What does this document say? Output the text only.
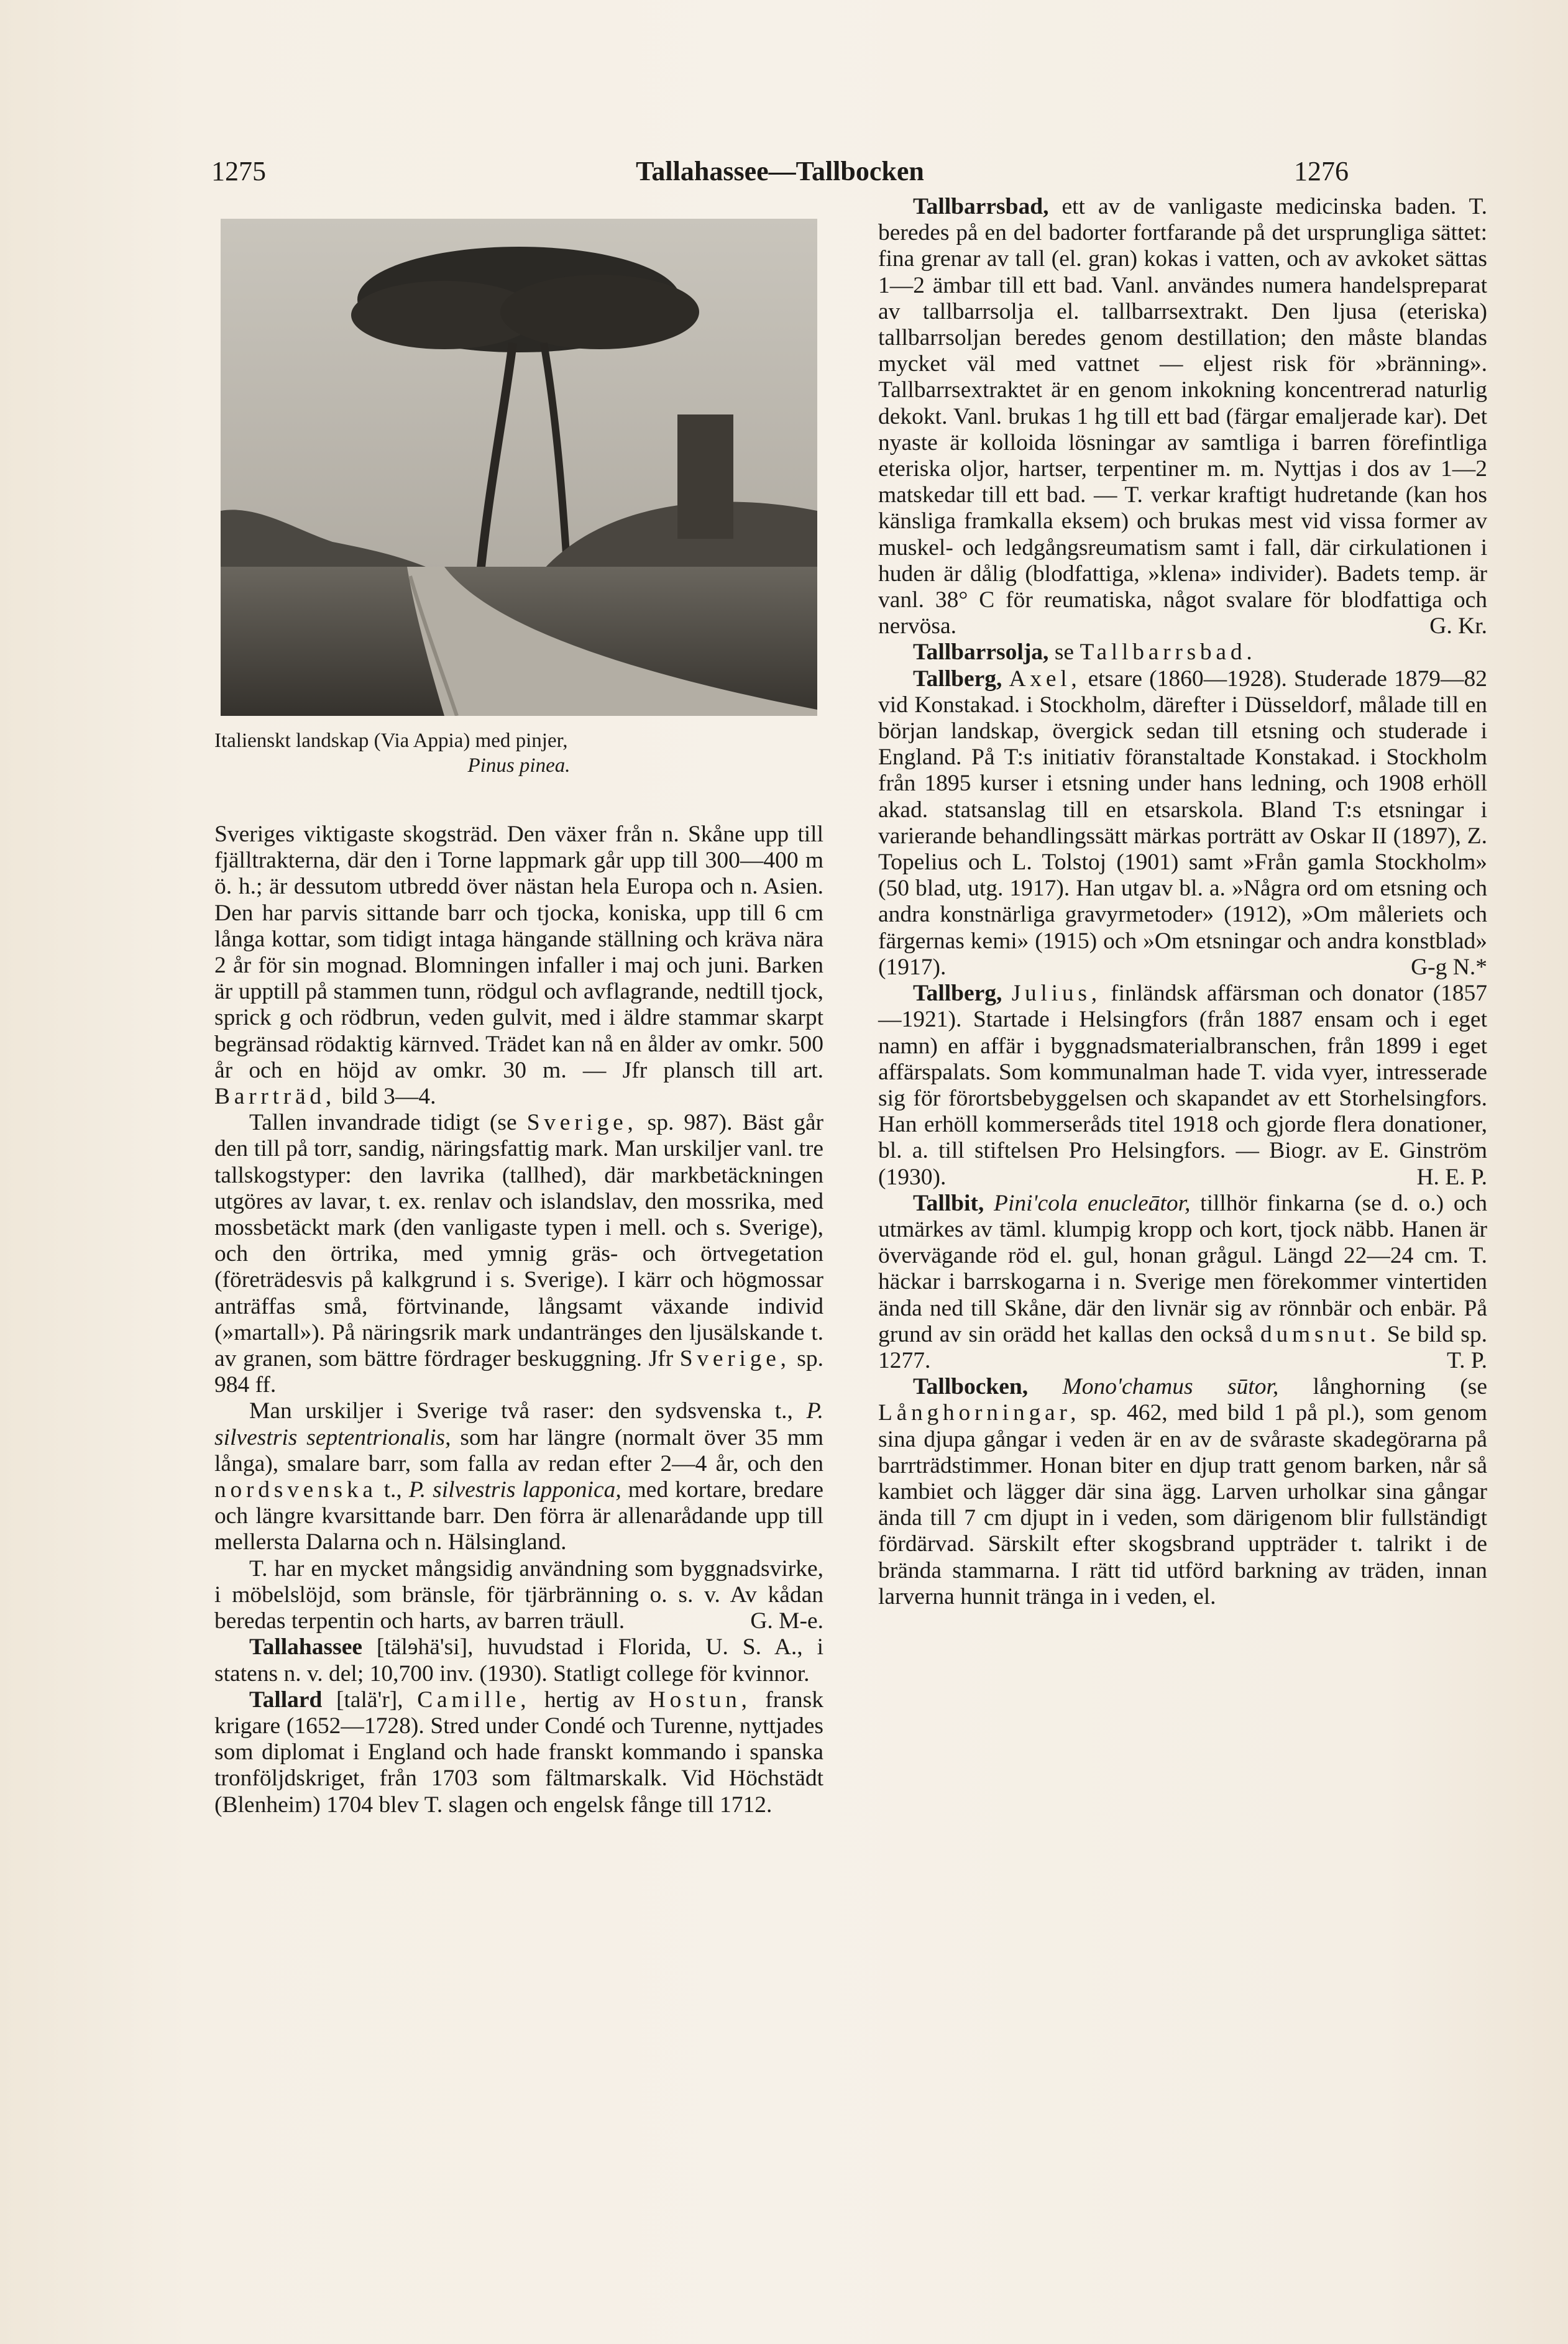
1275	Tallahassee—Tallbocken	1276
Italienskt landskap (Via Appia) med pinjer,
Pinus pinea.

Sveriges viktigaste skogsträd. Den växer från n. Skåne upp till fjälltrakterna, där den i Torne lappmark går upp till 300—400 m ö. h.; är dessutom utbredd över nästan hela Europa och n. Asien. Den har parvis sittande barr och tjocka, koniska, upp till 6 cm långa kottar, som tidigt intaga hängande ställning och kräva nära 2 år för sin mognad. Blomningen infaller i maj och juni. Barken är upptill på stammen tunn, rödgul och avflagrande, nedtill tjock, sprick g och rödbrun, veden gulvit, med i äldre stammar skarpt begränsad rödaktig kärnved. Trädet kan nå en ålder av omkr. 500 år och en höjd av omkr. 30 m. — Jfr plansch till art. Barrträd, bild 3—4.

Tallen invandrade tidigt (se Sverige, sp. 987). Bäst går den till på torr, sandig, näringsfattig mark. Man urskiljer vanl. tre tallskogstyper: den lavrika (tallhed), där markbetäckningen utgöres av lavar, t. ex. renlav och islandslav, den mossrika, med mossbetäckt mark (den vanligaste typen i mell. och s. Sverige), och den örtrika, med ymnig gräs- och örtvegetation (företrädesvis på kalkgrund i s. Sverige). I kärr och högmossar anträffas små, förtvinande, långsamt växande individ (»martall»). På näringsrik mark undantränges den ljusälskande t. av granen, som bättre fördrager beskuggning. Jfr Sverige, sp. 984 ff.

Man urskiljer i Sverige två raser: den sydsvenska t., P. silvestris septentrionalis, som har längre (normalt över 35 mm långa), smalare barr, som falla av redan efter 2—4 år, och den nordsvenska t., P. silvestris lapponica, med kortare, bredare och längre kvarsittande barr. Den förra är allenarådande upp till mellersta Dalarna och n. Hälsingland.

T. har en mycket mångsidig användning som byggnadsvirke, i möbelslöjd, som bränsle, för tjärbränning o. s. v. Av kådan beredas terpentin och harts, av barren träull.	G. M-e.

Tallahassee [tälɘhä'si], huvudstad i Florida, U. S. A., i statens n. v. del; 10,700 inv. (1930). Statligt college för kvinnor.

Tallard [talä'r], Camille, hertig av Hostun, fransk krigare (1652—1728). Stred under Condé och Turenne, nyttjades som diplomat i England och hade franskt kommando i spanska tronföljdskriget, från 1703 som fältmarskalk. Vid Höchstädt (Blenheim) 1704 blev T. slagen och engelsk fånge till 1712.

Tallbarrsbad, ett av de vanligaste medicinska baden. T. beredes på en del badorter fortfarande på det ursprungliga sättet: fina grenar av tall (el. gran) kokas i vatten, och av avkoket sättas 1—2 ämbar till ett bad. Vanl. användes numera handelspreparat av tallbarrsolja el. tallbarrsextrakt. Den ljusa (eteriska) tallbarrsoljan beredes genom destillation; den måste blandas mycket väl med vattnet — eljest risk för »bränning». Tallbarrsextraktet är en genom inkokning koncentrerad naturlig dekokt. Vanl. brukas 1 hg till ett bad (färgar emaljerade kar). Det nyaste är kolloida lösningar av samtliga i barren förefintliga eteriska oljor, hartser, terpentiner m. m. Nyttjas i dos av 1—2 matskedar till ett bad. — T. verkar kraftigt hudretande (kan hos känsliga framkalla eksem) och brukas mest vid vissa former av muskel- och ledgångsreumatism samt i fall, där cirkulationen i huden är dålig (blodfattiga, »klena» individer). Badets temp. är vanl. 38° C för reumatiska, något svalare för blodfattiga och nervösa.	G. Kr.

Tallbarrsolja, se Tallbarrsbad.

Tallberg, Axel, etsare (1860—1928). Studerade 1879—82 vid Konstakad. i Stockholm, därefter i Düsseldorf, målade till en början landskap, övergick sedan till etsning och studerade i England. På T:s initiativ föranstaltade Konstakad. i Stockholm från 1895 kurser i etsning under hans ledning, och 1908 erhöll akad. statsanslag till en etsarskola. Bland T:s etsningar i varierande behandlingssätt märkas porträtt av Oskar II (1897), Z. Topelius och L. Tolstoj (1901) samt »Från gamla Stockholm» (50 blad, utg. 1917). Han utgav bl. a. »Några ord om etsning och andra konstnärliga gravyrmetoder» (1912), »Om måleriets och färgernas kemi» (1915) och »Om etsningar och andra konstblad» (1917).	G-g N.*

Tallberg, Julius, finländsk affärsman och donator (1857—1921). Startade i Helsingfors (från 1887 ensam och i eget namn) en affär i byggnadsmaterialbranschen, från 1899 i eget affärspalats. Som kommunalman hade T. vida vyer, intresserade sig för förortsbebyggelsen och skapandet av ett Storhelsingfors. Han erhöll kommerseråds titel 1918 och gjorde flera donationer, bl. a. till stiftelsen Pro Helsingfors. — Biogr. av E. Ginström (1930).	H. E. P.

Tallbit, Pini'cola enucleātor, tillhör finkarna (se d. o.) och utmärkes av täml. klumpig kropp och kort, tjock näbb. Hanen är övervägande röd el. gul, honan grågul. Längd 22—24 cm. T. häckar i barrskogarna i n. Sverige men förekommer vintertiden ända ned till Skåne, där den livnär sig av rönnbär och enbär. På grund av sin orädd het kallas den också dumsnut. Se bild sp. 1277.	T. P.

Tallbocken, Mono'chamus sūtor, långhorning (se Långhorningar, sp. 462, med bild 1 på pl.), som genom sina djupa gångar i veden är en av de svåraste skadegörarna på barrträdstimmer. Honan biter en djup tratt genom barken, når så kambiet och lägger där sina ägg. Larven urholkar sina gångar ända till 7 cm djupt in i veden, som därigenom blir fullständigt fördärvad. Särskilt efter skogsbrand uppträder t. talrikt i de brända stammarna. I rätt tid utförd barkning av träden, innan larverna hunnit tränga in i veden, el.
